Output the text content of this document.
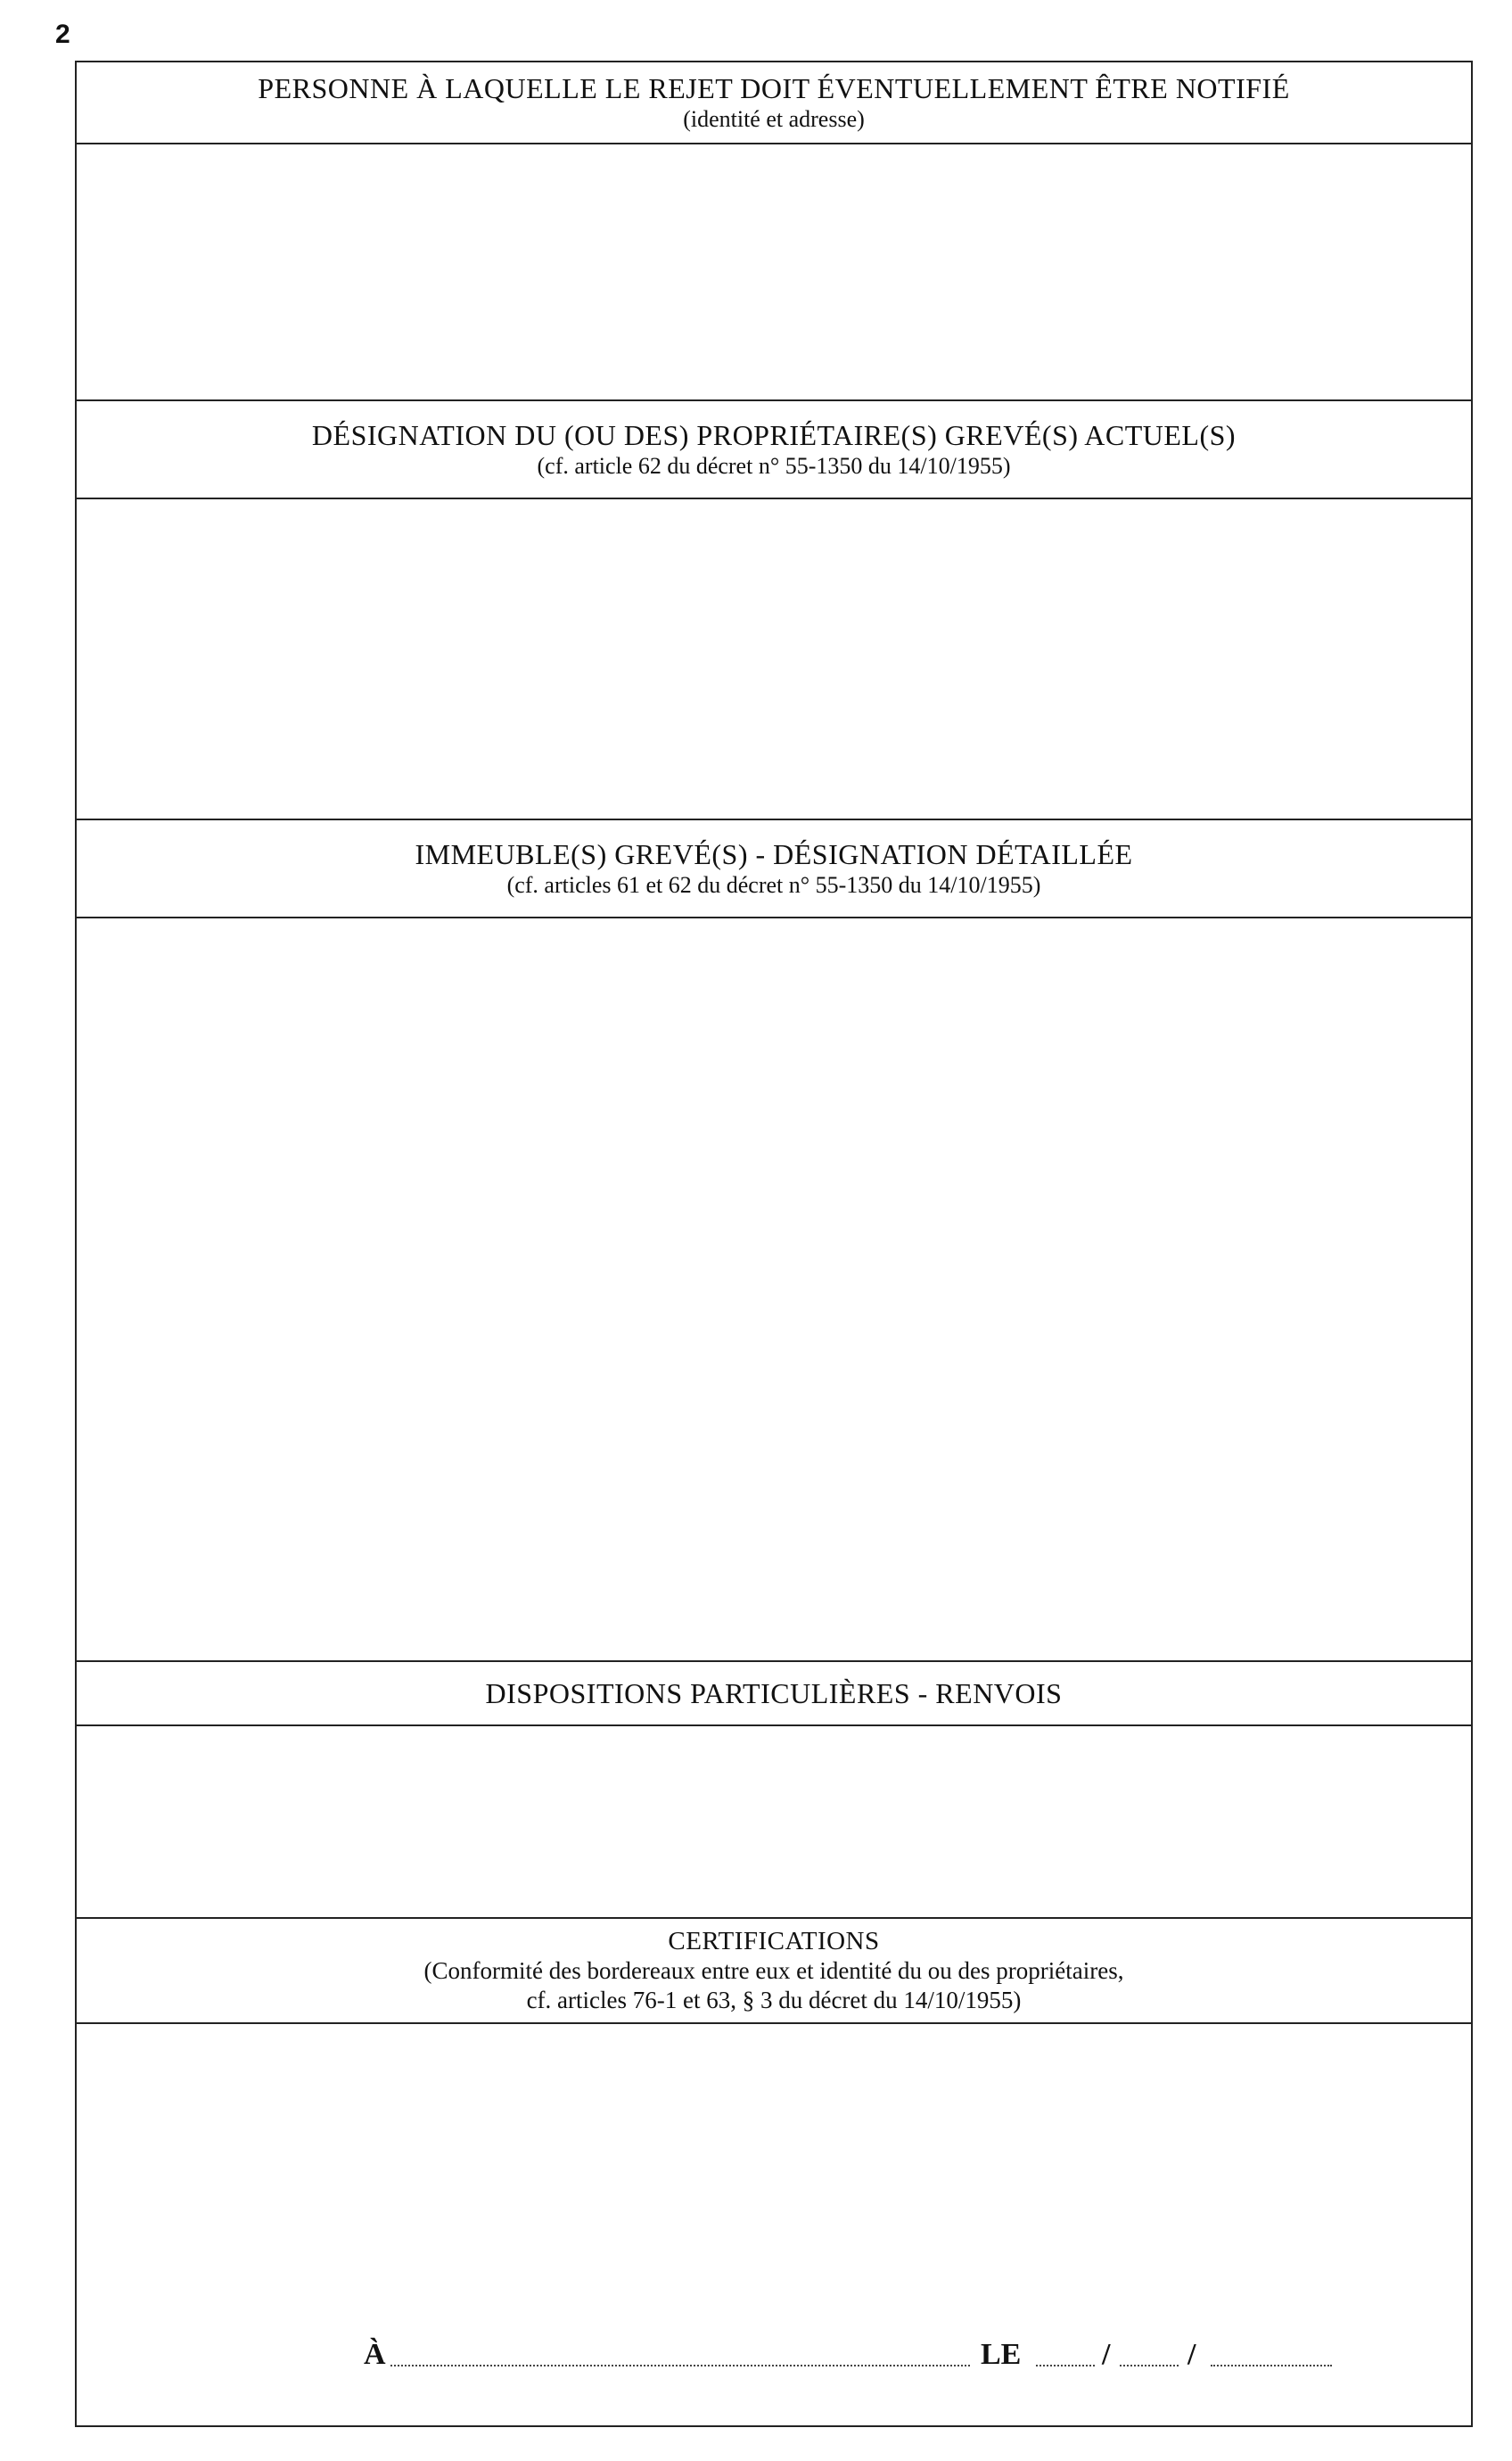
2
PERSONNE À LAQUELLE LE REJET DOIT ÉVENTUELLEMENT ÊTRE NOTIFIÉ
(identité et adresse)
DÉSIGNATION DU (OU DES) PROPRIÉTAIRE(S) GREVÉ(S) ACTUEL(S)
(cf. article 62 du décret n° 55-1350 du 14/10/1955)
IMMEUBLE(S) GREVÉ(S) - DÉSIGNATION DÉTAILLÉE
(cf. articles 61 et 62 du décret n° 55-1350 du 14/10/1955)
DISPOSITIONS PARTICULIÈRES - RENVOIS
CERTIFICATIONS
(Conformité des bordereaux entre eux et identité du ou des propriétaires,
cf. articles 76-1 et 63, § 3 du décret du 14/10/1955)
À	LE	/	/
